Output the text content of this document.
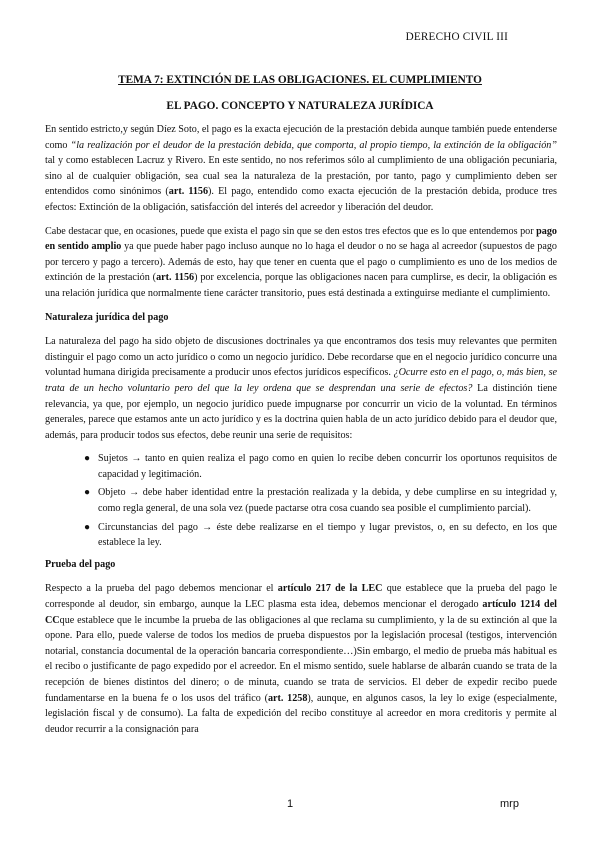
DERECHO CIVIL III
TEMA 7: EXTINCIÓN DE LAS OBLIGACIONES. EL CUMPLIMIENTO
EL PAGO. CONCEPTO Y NATURALEZA JURÍDICA

En sentido estricto,y según Díez Soto, el pago es la exacta ejecución de la prestación debida aunque también puede entenderse como “la realización por el deudor de la prestación debida, que comporta, al propio tiempo, la extinción de la obligación” tal y como establecen Lacruz y Rivero. En este sentido, no nos referimos sólo al cumplimiento de una obligación pecuniaria, sino al de cualquier obligación, sea cual sea la naturaleza de la prestación, por tanto, pago y cumplimiento deben ser entendidos como sinónimos (art. 1156). El pago, entendido como exacta ejecución de la prestación debida, produce tres efectos: Extinción de la obligación, satisfacción del interés del acreedor y liberación del deudor.

Cabe destacar que, en ocasiones, puede que exista el pago sin que se den estos tres efectos que es lo que entendemos por pago en sentido amplio ya que puede haber pago incluso aunque no lo haga el deudor o no se haga al acreedor (supuestos de pago por tercero y pago a tercero). Además de esto, hay que tener en cuenta que el pago o cumplimiento es uno de los medios de extinción de la prestación (art. 1156) por excelencia, porque las obligaciones nacen para cumplirse, es decir, la obligación es una relación jurídica que normalmente tiene carácter transitorio, pues está destinada a extinguirse mediante el cumplimiento.

Naturaleza jurídica del pago

La naturaleza del pago ha sido objeto de discusiones doctrinales ya que encontramos dos tesis muy relevantes que permiten distinguir el pago como un acto jurídico o como un negocio jurídico. Debe recordarse que en el negocio jurídico concurre una voluntad humana dirigida precisamente a producir unos efectos jurídicos específicos. ¿Ocurre esto en el pago, o, más bien, se trata de un hecho voluntario pero del que la ley ordena que se desprendan una serie de efectos? La distinción tiene relevancia, ya que, por ejemplo, un negocio jurídico puede impugnarse por concurrir un vicio de la voluntad. En términos generales, parece que estamos ante un acto jurídico y es la doctrina quien habla de un acto jurídico debido para el deudor que, además, para producir todos sus efectos, debe reunir una serie de requisitos:

● Sujetos → tanto en quien realiza el pago como en quien lo recibe deben concurrir los oportunos requisitos de capacidad y legitimación.
● Objeto → debe haber identidad entre la prestación realizada y la debida, y debe cumplirse en su integridad y, como regla general, de una sola vez (puede pactarse otra cosa cuando sea posible el cumplimiento parcial).
● Circunstancias del pago → éste debe realizarse en el tiempo y lugar previstos, o, en su defecto, en los que establece la ley.
Prueba del pago

Respecto a la prueba del pago debemos mencionar el artículo 217 de la LEC que establece que la prueba del pago le corresponde al deudor, sin embargo, aunque la LEC plasma esta idea, debemos mencionar el derogado artículo 1214 del CCque establece que le incumbe la prueba de las obligaciones al que reclama su cumplimiento, y la de su extinción al que la opone. Para ello, puede valerse de todos los medios de prueba dispuestos por la legislación procesal (testigos, intervención notarial, constancia documental de la operación bancaria correspondiente…)Sin embargo, el medio de prueba más habitual es el recibo o justificante de pago expedido por el acreedor. En el mismo sentido, suele hablarse de albarán cuando se trata de la recepción de bienes distintos del dinero; o de minuta, cuando se trata de servicios. El deber de expedir recibo puede fundamentarse en la buena fe o los usos del tráfico (art. 1258), aunque, en algunos casos, la ley lo exige (especialmente, legislación fiscal y de consumo). La falta de expedición del recibo constituye al acreedor en mora creditoris y permite al deudor recurrir a la consignación para

1	mrp
